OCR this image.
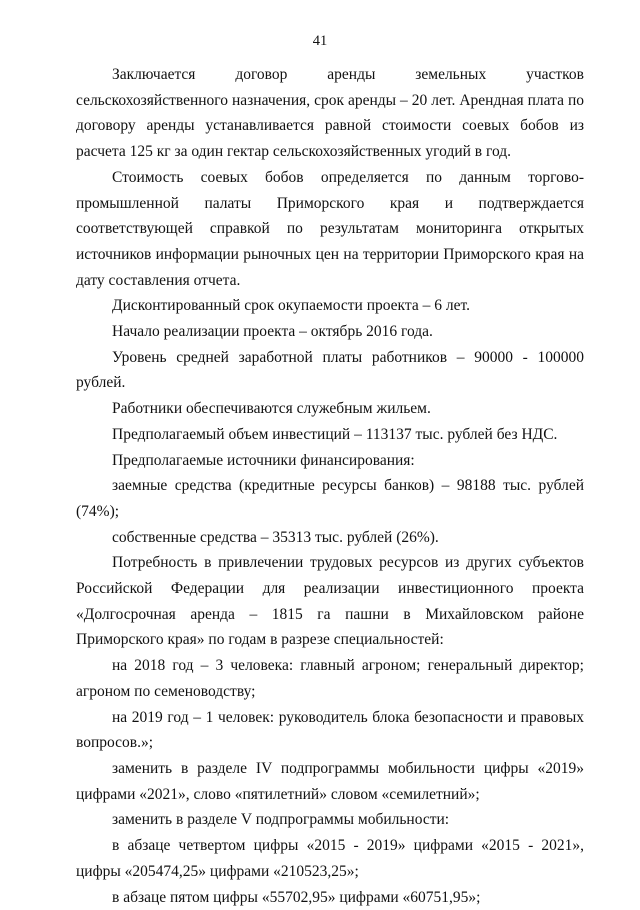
41

Заключается договор аренды земельных участков сельскохозяйственного назначения, срок аренды – 20 лет. Арендная плата по договору аренды устанавливается равной стоимости соевых бобов из расчета 125 кг за один гектар сельскохозяйственных угодий в год.

Стоимость соевых бобов определяется по данным торгово-промышленной палаты Приморского края и подтверждается соответствующей справкой по результатам мониторинга открытых источников информации рыночных цен на территории Приморского края на дату составления отчета.

Дисконтированный срок окупаемости проекта – 6 лет.

Начало реализации проекта – октябрь 2016 года.

Уровень средней заработной платы работников – 90000 - 100000 рублей.

Работники обеспечиваются служебным жильем.

Предполагаемый объем инвестиций – 113137 тыс. рублей без НДС.

Предполагаемые источники финансирования:

заемные средства (кредитные ресурсы банков) – 98188 тыс. рублей (74%);

собственные средства – 35313 тыс. рублей (26%).

Потребность в привлечении трудовых ресурсов из других субъектов Российской Федерации для реализации инвестиционного проекта «Долгосрочная аренда – 1815 га пашни в Михайловском районе Приморского края» по годам в разрезе специальностей:

на 2018 год – 3 человека: главный агроном; генеральный директор; агроном по семеноводству;

на 2019 год – 1 человек: руководитель блока безопасности и правовых вопросов.»;

заменить в разделе IV подпрограммы мобильности цифры «2019» цифрами «2021», слово «пятилетний» словом «семилетний»;

заменить в разделе V подпрограммы мобильности:

в абзаце четвертом цифры «2015 - 2019» цифрами «2015 - 2021», цифры «205474,25» цифрами «210523,25»;

в абзаце пятом цифры «55702,95» цифрами «60751,95»;
